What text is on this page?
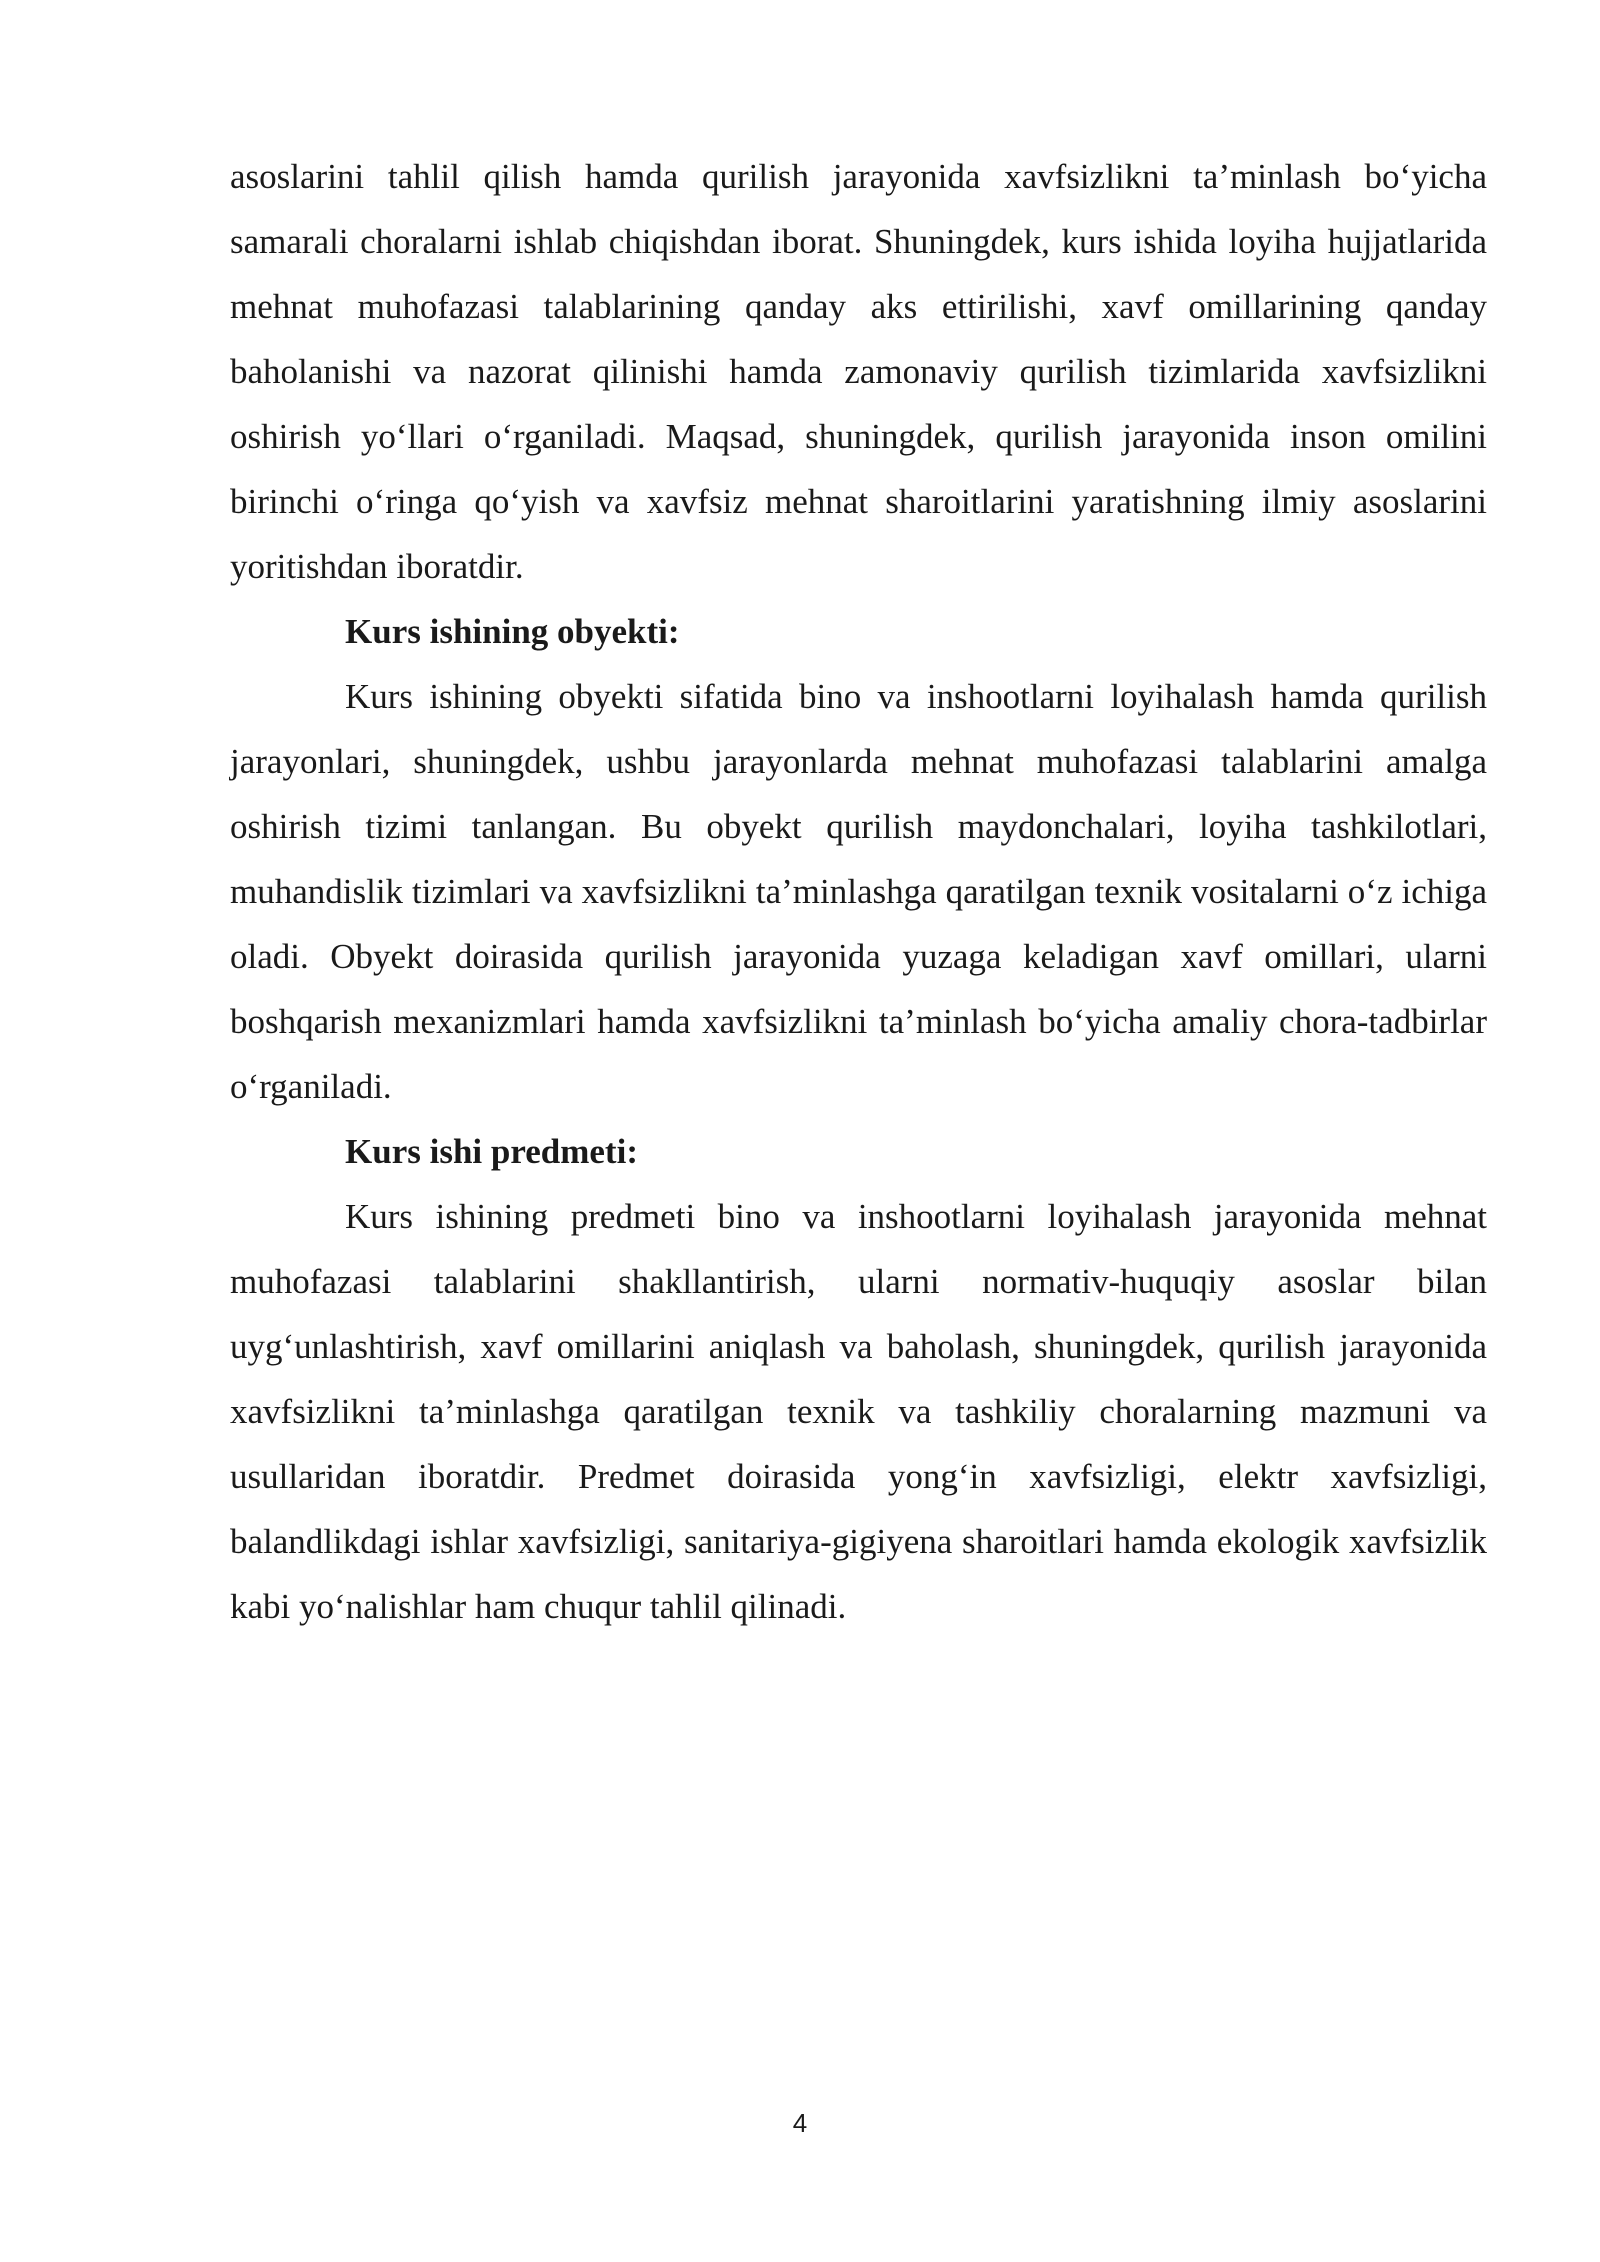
asoslarini tahlil qilish hamda qurilish jarayonida xavfsizlikni ta’minlash bo‘yicha samarali choralarni ishlab chiqishdan iborat. Shuningdek, kurs ishida loyiha hujjatlarida mehnat muhofazasi talablarining qanday aks ettirilishi, xavf omillarining qanday baholanishi va nazorat qilinishi hamda zamonaviy qurilish tizimlarida xavfsizlikni oshirish yo‘llari o‘rganiladi. Maqsad, shuningdek, qurilish jarayonida inson omilini birinchi o‘ringa qo‘yish va xavfsiz mehnat sharoitlarini yaratishning ilmiy asoslarini yoritishdan iboratdir.

Kurs ishining obyekti:

Kurs ishining obyekti sifatida bino va inshootlarni loyihalash hamda qurilish jarayonlari, shuningdek, ushbu jarayonlarda mehnat muhofazasi talablarini amalga oshirish tizimi tanlangan. Bu obyekt qurilish maydonchalari, loyiha tashkilotlari, muhandislik tizimlari va xavfsizlikni ta’minlashga qaratilgan texnik vositalarni o‘z ichiga oladi. Obyekt doirasida qurilish jarayonida yuzaga keladigan xavf omillari, ularni boshqarish mexanizmlari hamda xavfsizlikni ta’minlash bo‘yicha amaliy chora-tadbirlar o‘rganiladi.

Kurs ishi predmeti:

Kurs ishining predmeti bino va inshootlarni loyihalash jarayonida mehnat muhofazasi talablarini shakllantirish, ularni normativ-huquqiy asoslar bilan uyg‘unlashtirish, xavf omillarini aniqlash va baholash, shuningdek, qurilish jarayonida xavfsizlikni ta’minlashga qaratilgan texnik va tashkiliy choralarning mazmuni va usullaridan iboratdir. Predmet doirasida yong‘in xavfsizligi, elektr xavfsizligi, balandlikdagi ishlar xavfsizligi, sanitariya-gigiyena sharoitlari hamda ekologik xavfsizlik kabi yo‘nalishlar ham chuqur tahlil qilinadi.

4
